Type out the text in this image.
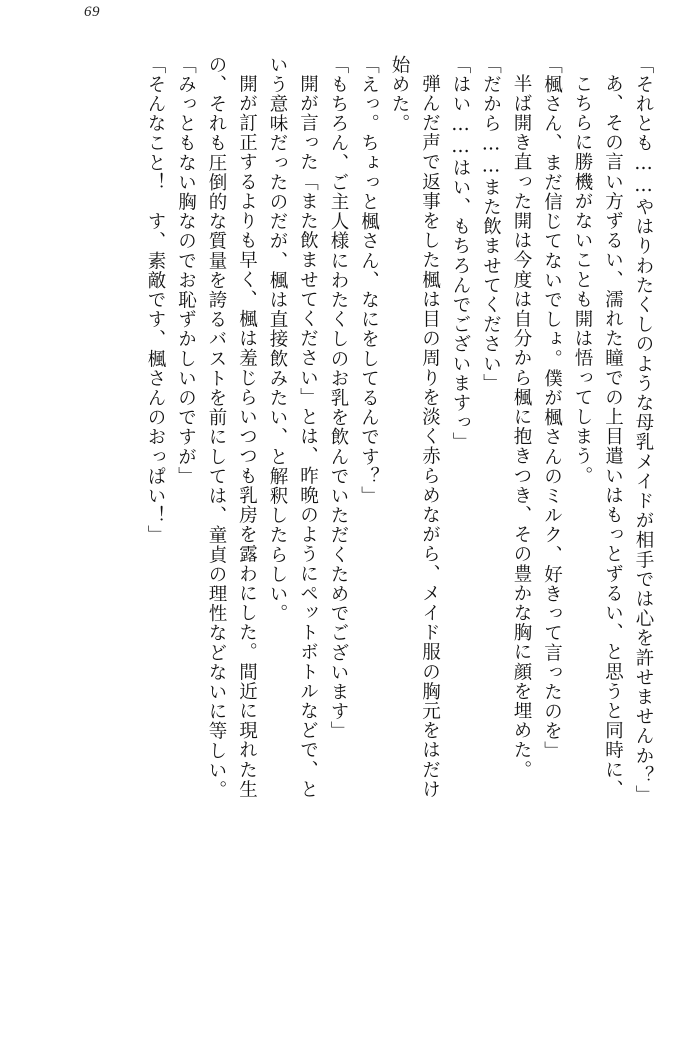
69

「それとも……やはりわたくしのような母乳メイドが相手では心を許せませんか？」

あ、その言い方ずるい、濡れた瞳での上目遣いはもっとずるい、と思うと同時に、

こちらに勝機がないことも開は悟ってしまう。

「楓さん、まだ信じてないでしょ。僕が楓さんのミルク、好きって言ったのを」

半ば開き直った開は今度は自分から楓に抱きつき、その豊かな胸に顔を埋めた。

「だから……また飲ませてください」

「はい……はい、もちろんでございますっ」

弾んだ声で返事をした楓は目の周りを淡く赤らめながら、メイド服の胸元をはだけ

始めた。

「えっ。ちょっと楓さん、なにをしてるんです？」

「もちろん、ご主人様にわたくしのお乳を飲んでいただくためでございます」

開が言った「また飲ませてください」とは、昨晩のようにペットボトルなどで、と

いう意味だったのだが、楓は直接飲みたい、と解釈したらしい。

開が訂正するよりも早く、楓は羞じらいつつも乳房を露わにした。間近に現れた生

の、それも圧倒的な質量を誇るバストを前にしては、童貞の理性などないに等しい。

「みっともない胸なのでお恥ずかしいのですが」

「そんなこと！　す、素敵です、楓さんのおっぱい！」
